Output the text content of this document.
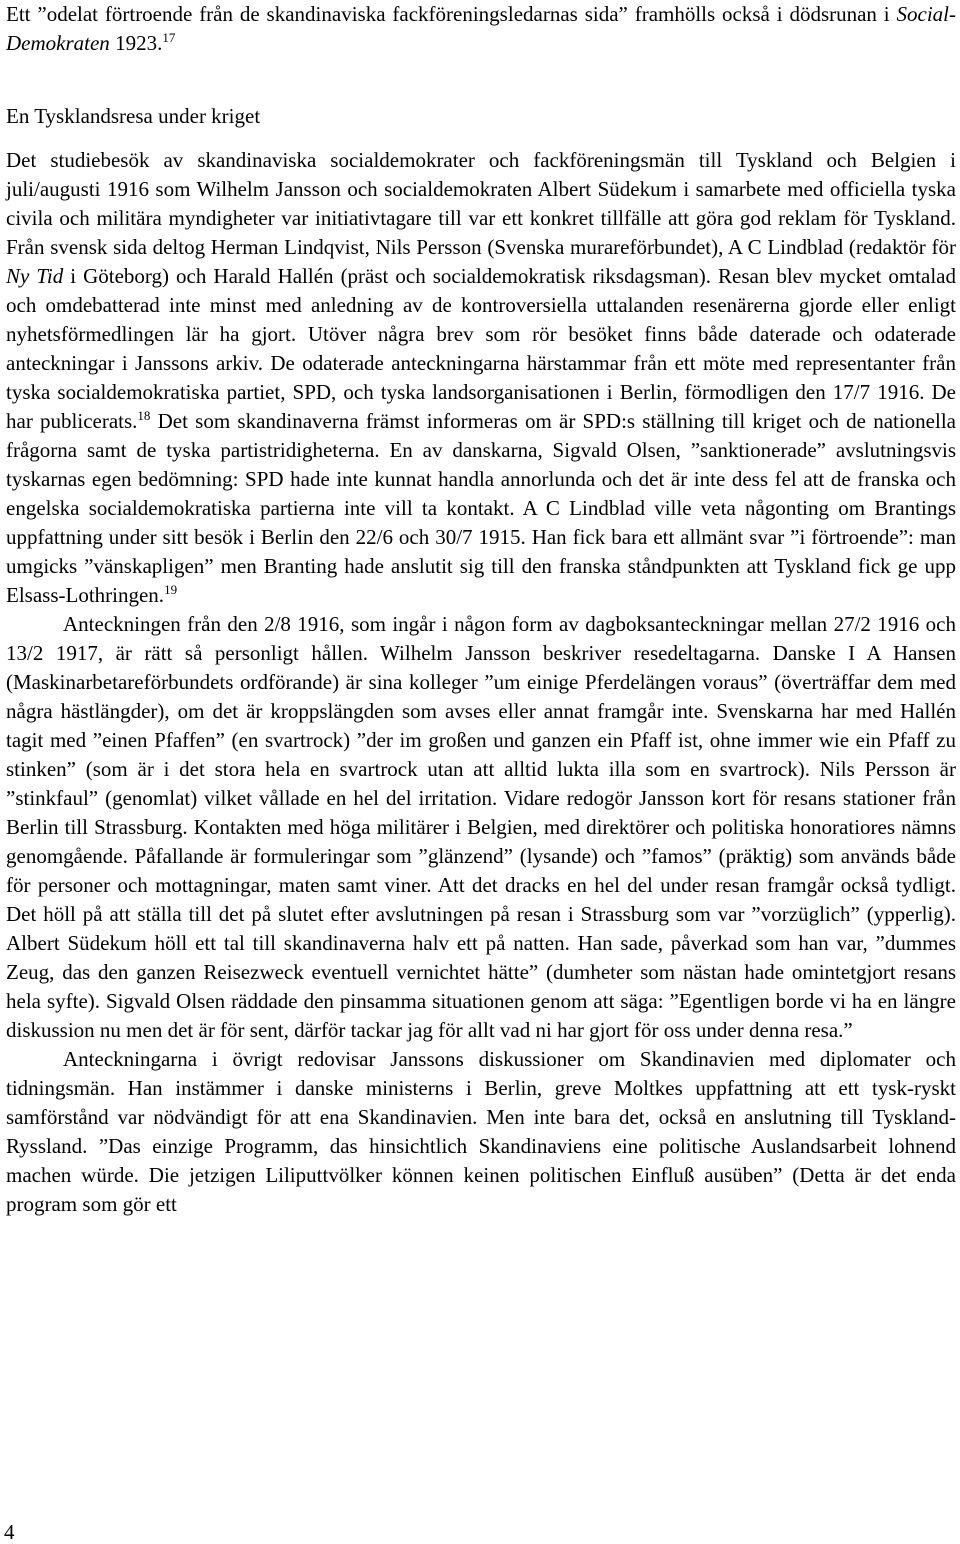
Ett ”odelat förtroende från de skandinaviska fackföreningsledarnas sida” framhölls också i dödsrunan i Social-Demokraten 1923.17

En Tysklandsresa under kriget

Det studiebesök av skandinaviska socialdemokrater och fackföreningsmän till Tyskland och Belgien i juli/augusti 1916 som Wilhelm Jansson och socialdemokraten Albert Südekum i samarbete med officiella tyska civila och militära myndigheter var initiativtagare till var ett konkret tillfälle att göra god reklam för Tyskland. Från svensk sida deltog Herman Lindqvist, Nils Persson (Svenska murareförbundet), A C Lindblad (redaktör för Ny Tid i Göteborg) och Harald Hallén (präst och socialdemokratisk riksdagsman). Resan blev mycket omtalad och omdebatterad inte minst med anledning av de kontroversiella uttalanden resenärerna gjorde eller enligt nyhetsförmedlingen lär ha gjort. Utöver några brev som rör besöket finns både daterade och odaterade anteckningar i Janssons arkiv. De odaterade anteckningarna härstammar från ett möte med representanter från tyska socialdemokratiska partiet, SPD, och tyska landsorganisationen i Berlin, förmodligen den 17/7 1916. De har publicerats.$^{18}$ Det som skandinaverna främst informeras om är SPD:s ställning till kriget och de nationella frågorna samt de tyska partistridigheterna. En av danskarna, Sigvald Olsen, ”sanktionerade” avslutningsvis tyskarnas egen bedömning: SPD hade inte kunnat handla annorlunda och det är inte dess fel att de franska och engelska socialdemokratiska partierna inte vill ta kontakt. A C Lindblad ville veta någonting om Brantings uppfattning under sitt besök i Berlin den 22/6 och 30/7 1915. Han fick bara ett allmänt svar ”i förtroende”: man umgicks ”vänskapligen” men Branting hade anslutit sig till den franska ståndpunkten att Tyskland fick ge upp Elsass-Lothringen.$^{19}$

Anteckningen från den 2/8 1916, som ingår i någon form av dagboksanteckningar mellan 27/2 1916 och 13/2 1917, är rätt så personligt hållen. Wilhelm Jansson beskriver resedeltagarna. Danske I A Hansen (Maskinarbetareförbundets ordförande) är sina kolleger ”um einige Pferdelängen voraus” (överträffar dem med några hästlängder), om det är kroppslängden som avses eller annat framgår inte. Svenskarna har med Hallén tagit med ”einen Pfaffen” (en svartrock) ”der im großen und ganzen ein Pfaff ist, ohne immer wie ein Pfaff zu stinken” (som är i det stora hela en svartrock utan att alltid lukta illa som en svartrock). Nils Persson är ”stinkfaul” (genomlat) vilket vållade en hel del irritation. Vidare redogör Jansson kort för resans stationer från Berlin till Strassburg. Kontakten med höga militärer i Belgien, med direktörer och politiska honoratiores nämns genomgående. Påfallande är formuleringar som ”glänzend” (lysande) och ”famos” (präktig) som används både för personer och mottagningar, maten samt viner. Att det dracks en hel del under resan framgår också tydligt. Det höll på att ställa till det på slutet efter avslutningen på resan i Strassburg som var ”vorzüglich” (ypperlig). Albert Südekum höll ett tal till skandinaverna halv ett på natten. Han sade, påverkad som han var, ”dummes Zeug, das den ganzen Reisezweck eventuell vernichtet hätte” (dumheter som nästan hade omintetgjort resans hela syfte). Sigvald Olsen räddade den pinsamma situationen genom att säga: ”Egentligen borde vi ha en längre diskussion nu men det är för sent, därför tackar jag för allt vad ni har gjort för oss under denna resa.”

Anteckningarna i övrigt redovisar Janssons diskussioner om Skandinavien med diplomater och tidningsmän. Han instämmer i danske ministerns i Berlin, greve Moltkes uppfattning att ett tysk-ryskt samförstånd var nödvändigt för att ena Skandinavien. Men inte bara det, också en anslutning till Tyskland-Ryssland. ”Das einzige Programm, das hinsichtlich Skandinaviens eine politische Auslandsarbeit lohnend machen würde. Die jetzigen Liliputtvölker können keinen politischen Einfluß ausüben” (Detta är det enda program som gör ett

4
